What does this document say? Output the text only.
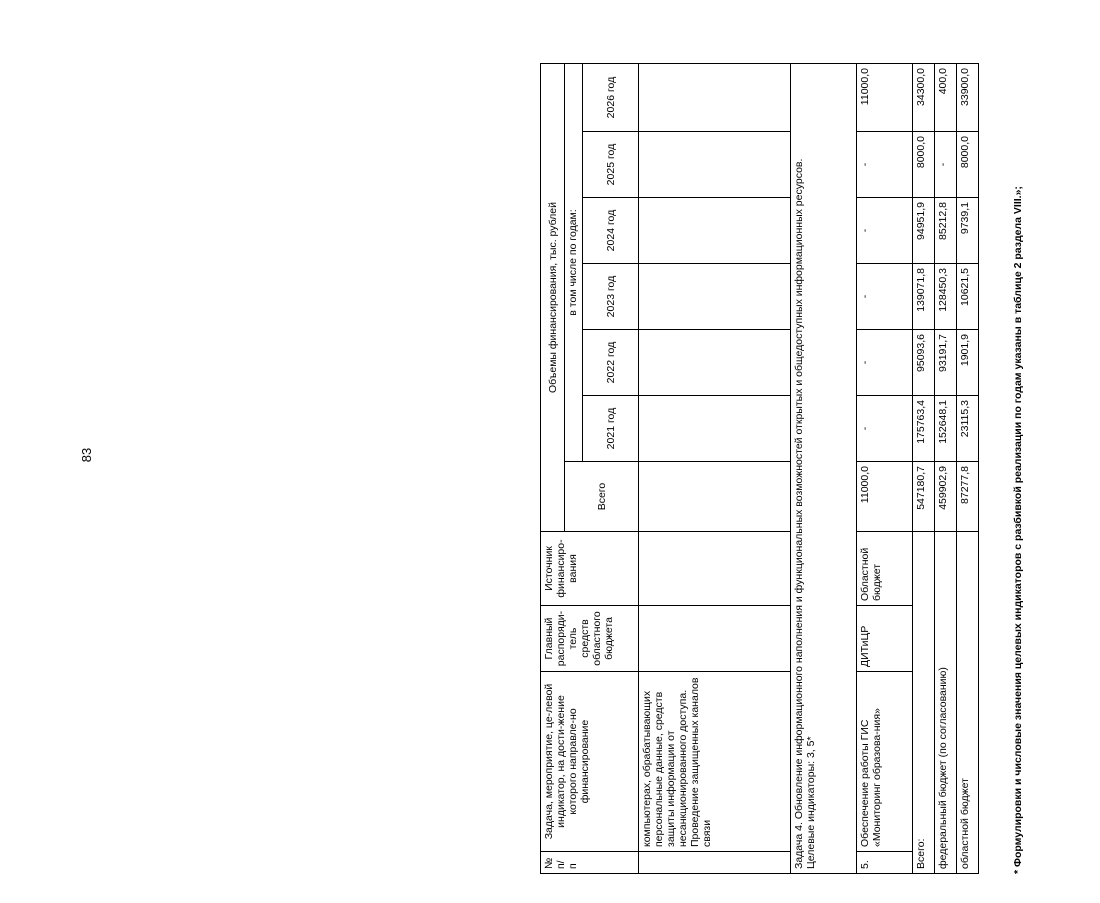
83
№ п/ п	Задача, мероприятие, це-левой индикатор, на дости-жение которого направле-но финансирование	Главный распоряди-тель средств областного бюджета	Источник финансиро-вания	Объемы финансирования, тыс. рублей						
				Всего	в том числе по годам:					
					2021 год	2022 год	2023 год	2024 год	2025 год	2026 год
	компьютерах, обрабатывающих персональные данные, средств защиты информации от несанкционированного доступа. Проведение защищенных каналов связи									

Задача 4. Обновление информационного наполнения и функциональных возможностей открытых и общедоступных информационных ресурсов. Целевые индикаторы: 3, 5*										

5.	Обеспечение работы ГИС «Мониторинг образова-ния»	ДИТиЦР	Областной бюджет	11000,0	-	-	-	-	-	11000,0
Всего:				547180,7	175763,4	95093,6	139071,8	94951,9	8000,0	34300,0
федеральный бюджет (по согласованию)				459902,9	152648,1	93191,7	128450,3	85212,8	-	400,0
областной бюджет				87277,8	23115,3	1901,9	10621,5	9739,1	8000,0	33900,0
* Формулировки и числовые значения целевых индикаторов с разбивкой реализации по годам указаны в таблице 2 раздела VIII.»;
